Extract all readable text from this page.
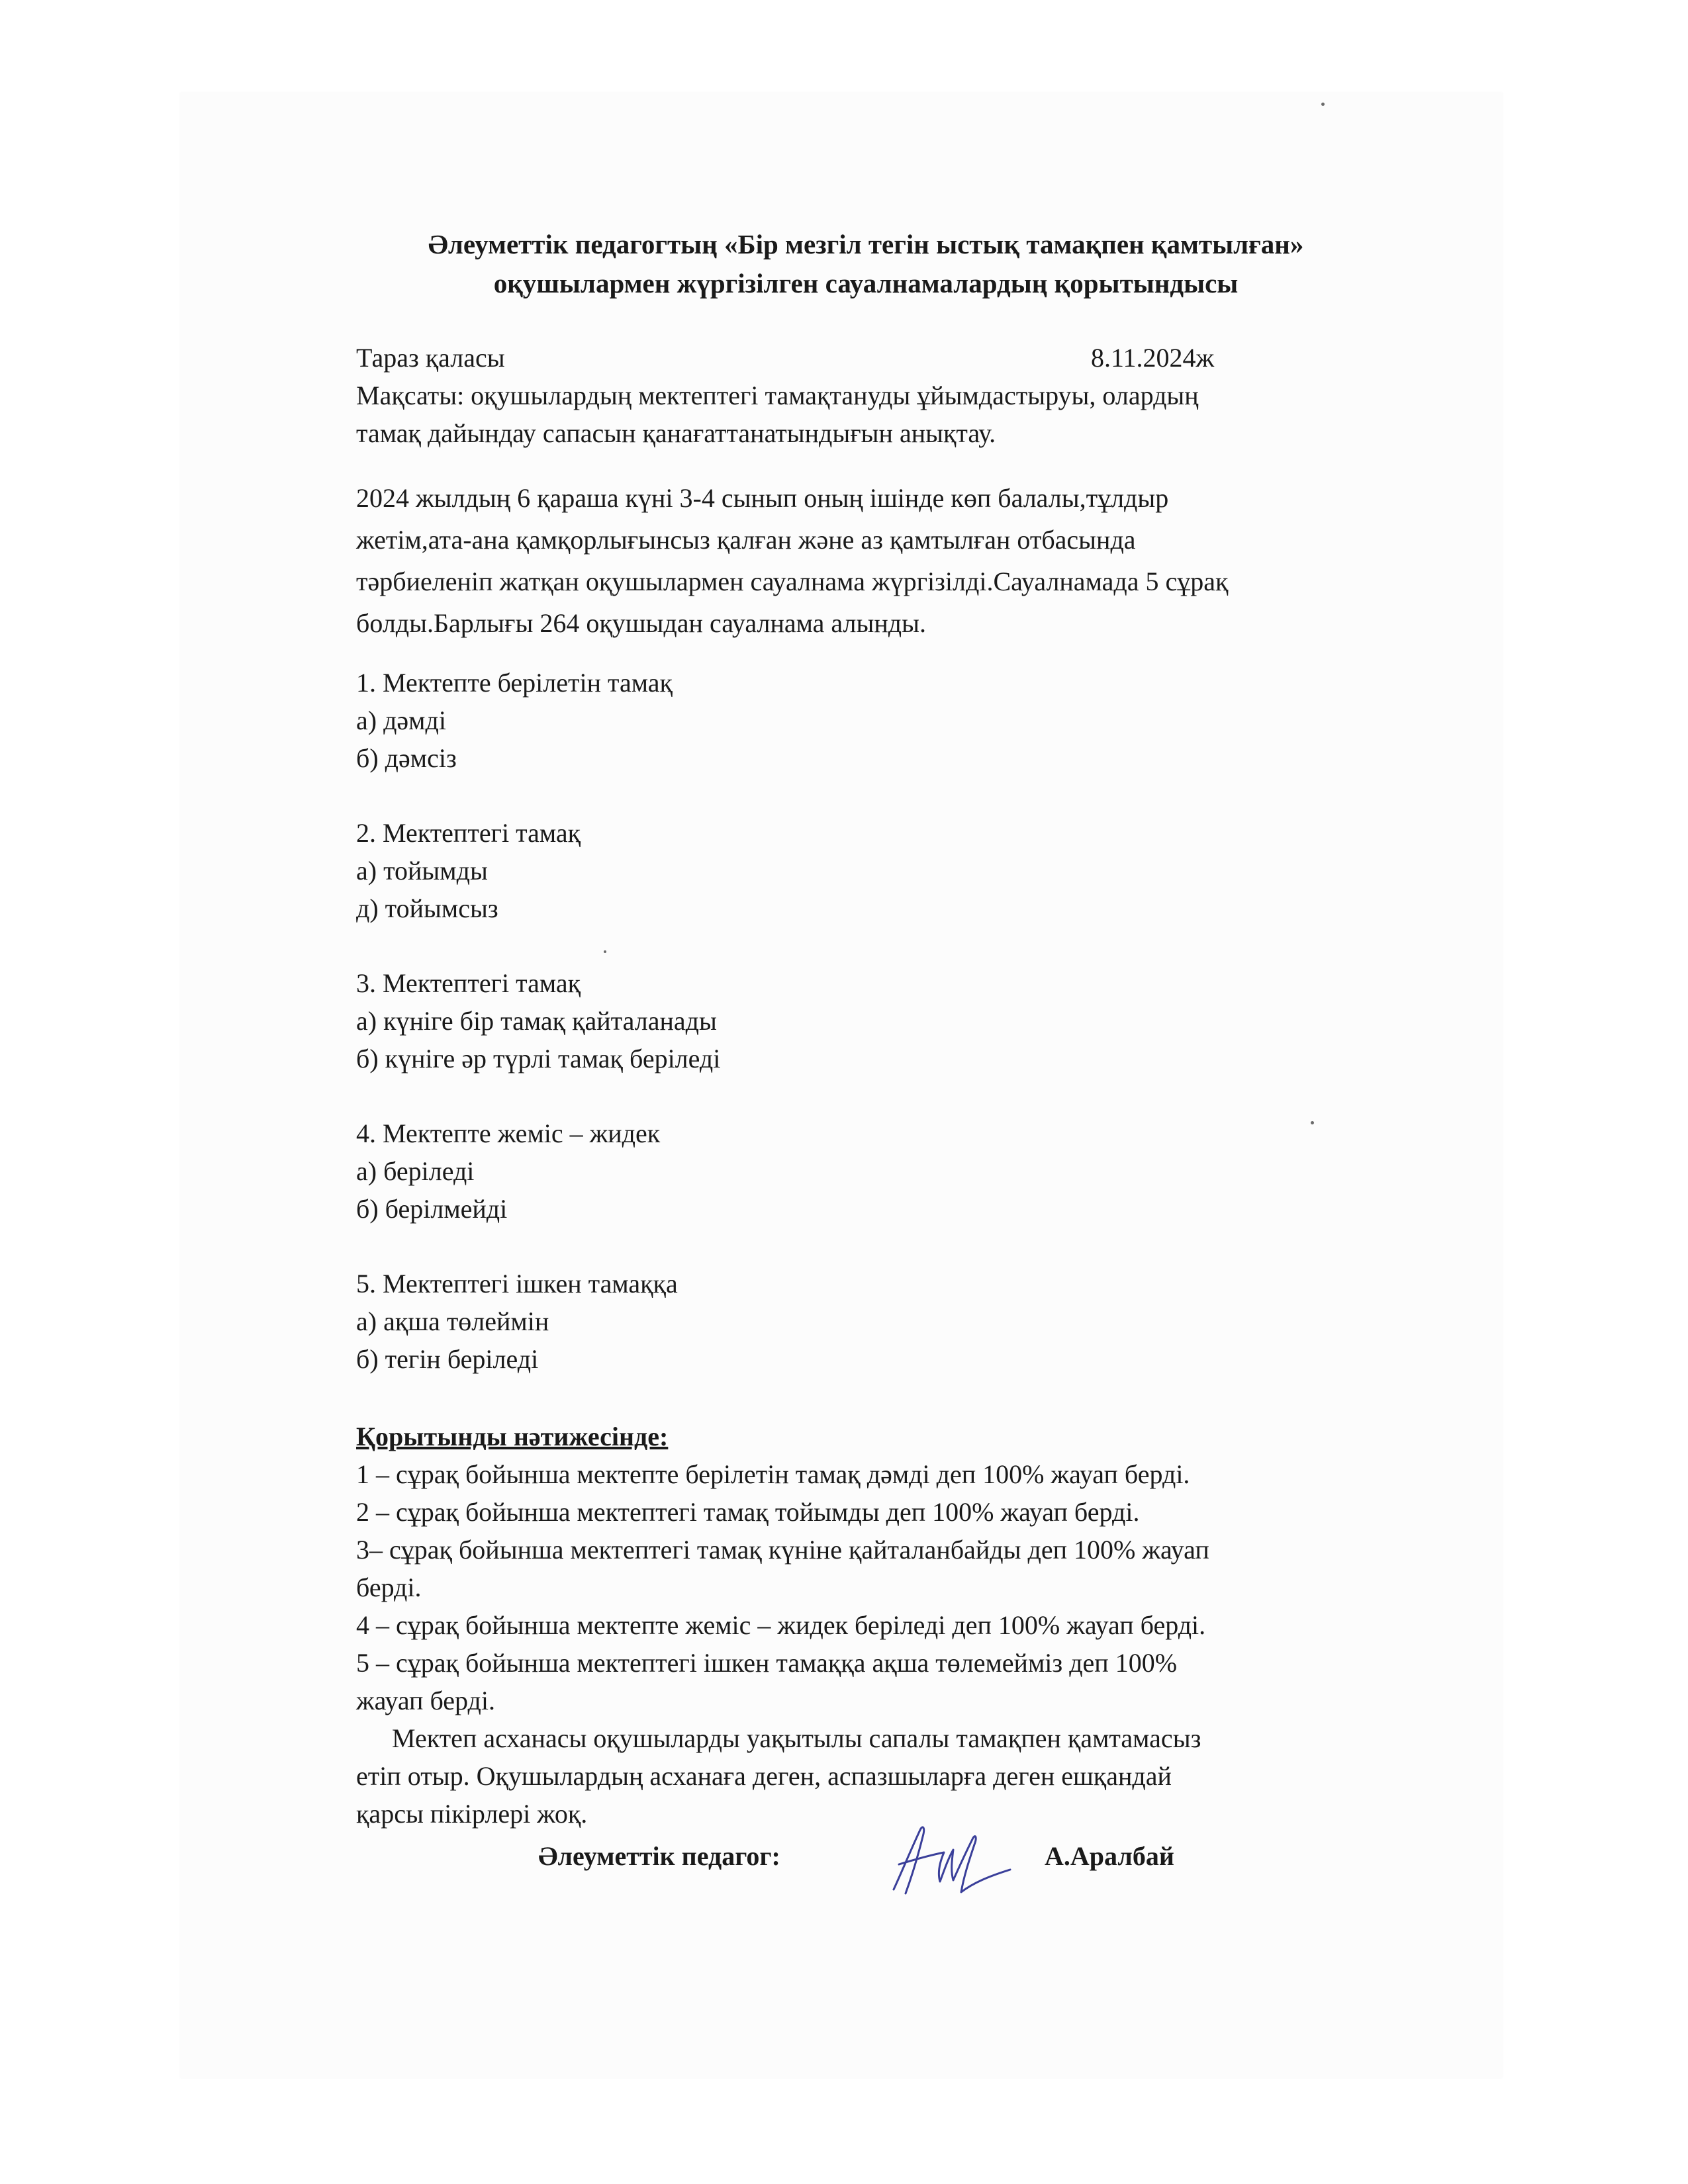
Әлеуметтік педагогтың «Бір мезгіл тегін ыстық тамақпен қамтылған»
оқушылармен жүргізілген сауалнамалардың қорытындысы
Тараз қаласы	8.11.2024ж
Мақсаты: оқушылардың мектептегі тамақтануды ұйымдастыруы, олардың
тамақ дайындау сапасын қанағаттанатындығын анықтау.
2024 жылдың 6 қараша күні 3-4 сынып оның ішінде көп балалы,тұлдыр
жетім,ата-ана қамқорлығынсыз қалған және аз қамтылған отбасында
тәрбиеленіп жатқан оқушылармен сауалнама жүргізілді.Сауалнамада 5 сұрақ
болды.Барлығы 264 оқушыдан сауалнама алынды.
1. Мектепте берілетін тамақ
а) дәмді
б) дәмсіз
2. Мектептегі тамақ
а) тойымды
д) тойымсыз
3. Мектептегі тамақ
а) күніге бір тамақ қайталанады
б) күніге әр түрлі тамақ беріледі
4. Мектепте жеміс – жидек
а) беріледі
б) берілмейді
5. Мектептегі ішкен тамаққа
а) ақша төлеймін
б) тегін беріледі
Қорытынды нәтижесінде:
1 – сұрақ бойынша мектепте берілетін тамақ дәмді деп 100% жауап берді.
2 – сұрақ бойынша мектептегі тамақ тойымды деп 100% жауап берді.
3– сұрақ бойынша мектептегі тамақ күніне қайталанбайды деп 100% жауап
берді.
4 – сұрақ бойынша мектепте жеміс – жидек беріледі деп 100% жауап берді.
5 – сұрақ бойынша мектептегі ішкен тамаққа ақша төлемейміз деп 100%
жауап берді.
Мектеп асханасы оқушыларды уақытылы сапалы тамақпен қамтамасыз
етіп отыр. Оқушылардың асханаға деген, аспазшыларға деген ешқандай
қарсы пікірлері жоқ.
Әлеуметтік педагог:	А.Аралбай
